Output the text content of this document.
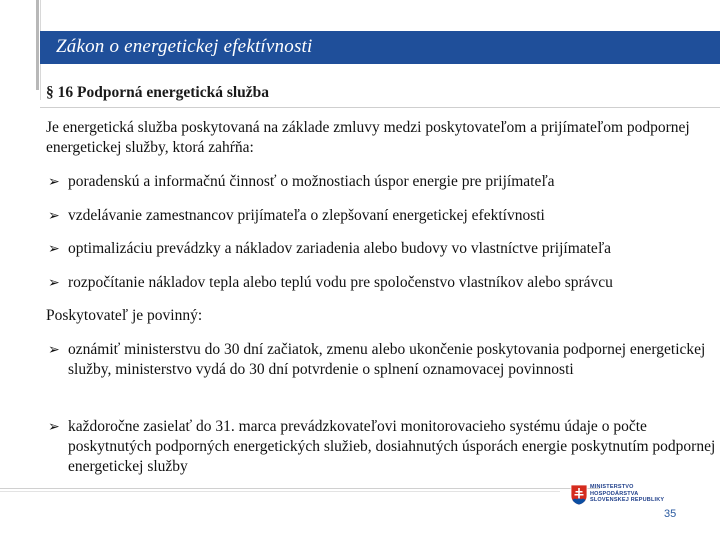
Zákon o energetickej efektívnosti
§ 16 Podporná energetická služba
Je energetická služba poskytovaná na základe zmluvy medzi poskytovateľom a prijímateľom podpornej energetickej služby, ktorá zahŕňa:
➢ poradenskú a informačnú činnosť o možnostiach úspor energie pre prijímateľa
➢ vzdelávanie zamestnancov prijímateľa o zlepšovaní energetickej efektívnosti
➢ optimalizáciu prevádzky a nákladov zariadenia alebo budovy vo vlastníctve prijímateľa
➢ rozpočítanie nákladov tepla alebo teplú vodu pre spoločenstvo vlastníkov alebo správcu
Poskytovateľ je povinný:
➢ oznámiť ministerstvu do 30 dní začiatok, zmenu alebo ukončenie poskytovania podpornej energetickej služby, ministerstvo vydá do 30 dní potvrdenie o splnení oznamovacej povinnosti
➢ každoročne zasielať do 31. marca prevádzkovateľovi monitorovacieho systému údaje o počte poskytnutých podporných energetických služieb, dosiahnutých úsporách energie poskytnutím podpornej energetickej služby
MINISTERSTVO
HOSPODÁRSTVA
SLOVENSKEJ REPUBLIKY
35
